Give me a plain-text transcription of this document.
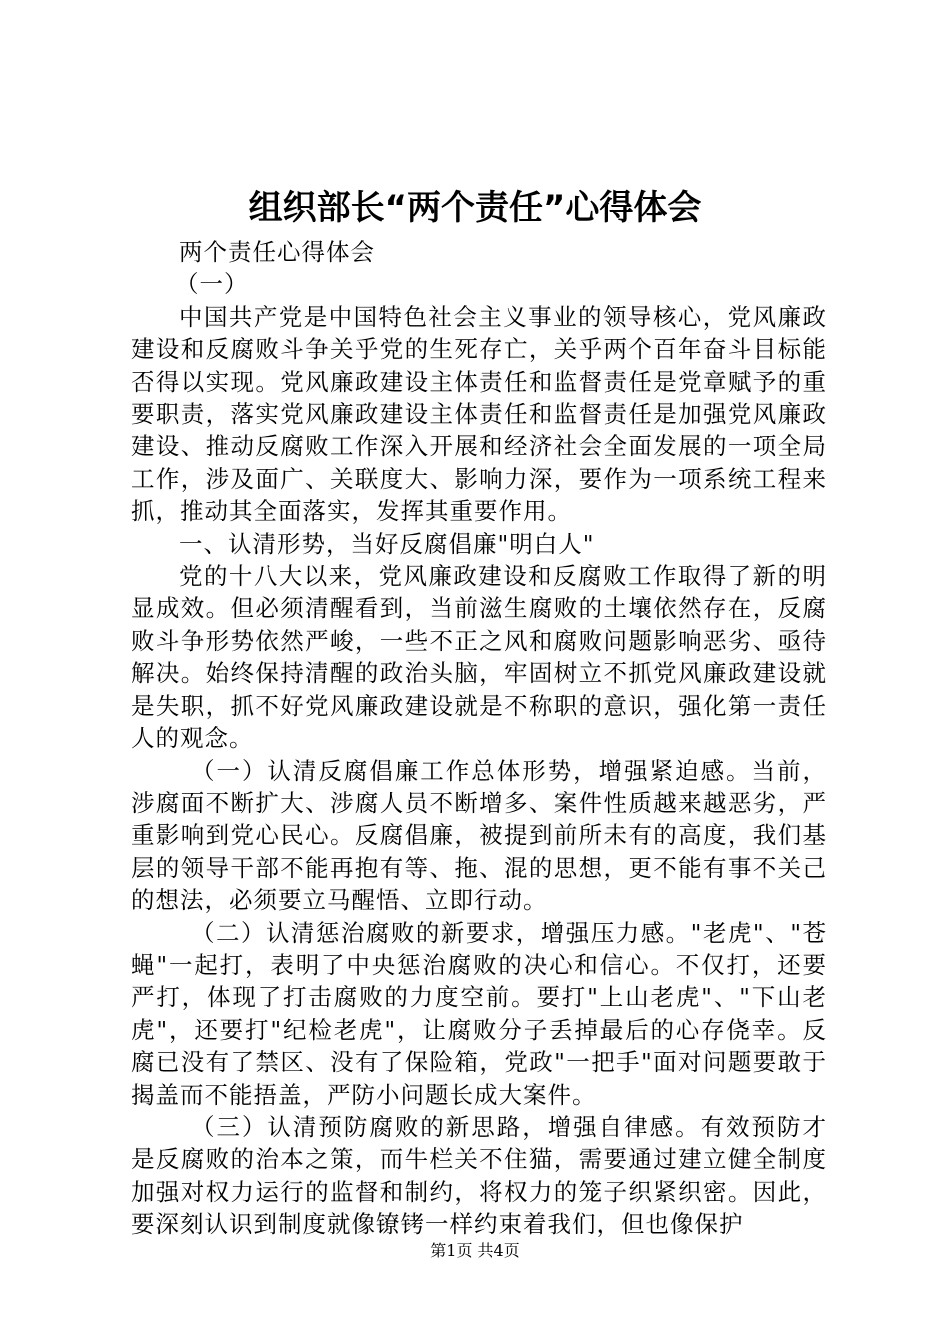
组织部长“两个责任”心得体会

两个责任心得体会

（一）

中国共产党是中国特色社会主义事业的领导核心，党风廉政建设和反腐败斗争关乎党的生死存亡，关乎两个百年奋斗目标能否得以实现。党风廉政建设主体责任和监督责任是党章赋予的重要职责，落实党风廉政建设主体责任和监督责任是加强党风廉政建设、推动反腐败工作深入开展和经济社会全面发展的一项全局工作，涉及面广、关联度大、影响力深，要作为一项系统工程来抓，推动其全面落实，发挥其重要作用。

一、认清形势，当好反腐倡廉"明白人"

党的十八大以来，党风廉政建设和反腐败工作取得了新的明显成效。但必须清醒看到，当前滋生腐败的土壤依然存在，反腐败斗争形势依然严峻，一些不正之风和腐败问题影响恶劣、亟待解决。始终保持清醒的政治头脑，牢固树立不抓党风廉政建设就是失职，抓不好党风廉政建设就是不称职的意识，强化第一责任人的观念。

（一）认清反腐倡廉工作总体形势，增强紧迫感。当前，涉腐面不断扩大、涉腐人员不断增多、案件性质越来越恶劣，严重影响到党心民心。反腐倡廉，被提到前所未有的高度，我们基层的领导干部不能再抱有等、拖、混的思想，更不能有事不关己的想法，必须要立马醒悟、立即行动。

（二）认清惩治腐败的新要求，增强压力感。"老虎"、"苍蝇"一起打，表明了中央惩治腐败的决心和信心。不仅打，还要严打，体现了打击腐败的力度空前。要打"上山老虎"、"下山老虎"，还要打"纪检老虎"，让腐败分子丢掉最后的心存侥幸。反腐已没有了禁区、没有了保险箱，党政"一把手"面对问题要敢于揭盖而不能捂盖，严防小问题长成大案件。

（三）认清预防腐败的新思路，增强自律感。有效预防才是反腐败的治本之策，而牛栏关不住猫，需要通过建立健全制度加强对权力运行的监督和制约，将权力的笼子织紧织密。因此，要深刻认识到制度就像镣铐一样约束着我们，但也像保护

第1页 共4页
